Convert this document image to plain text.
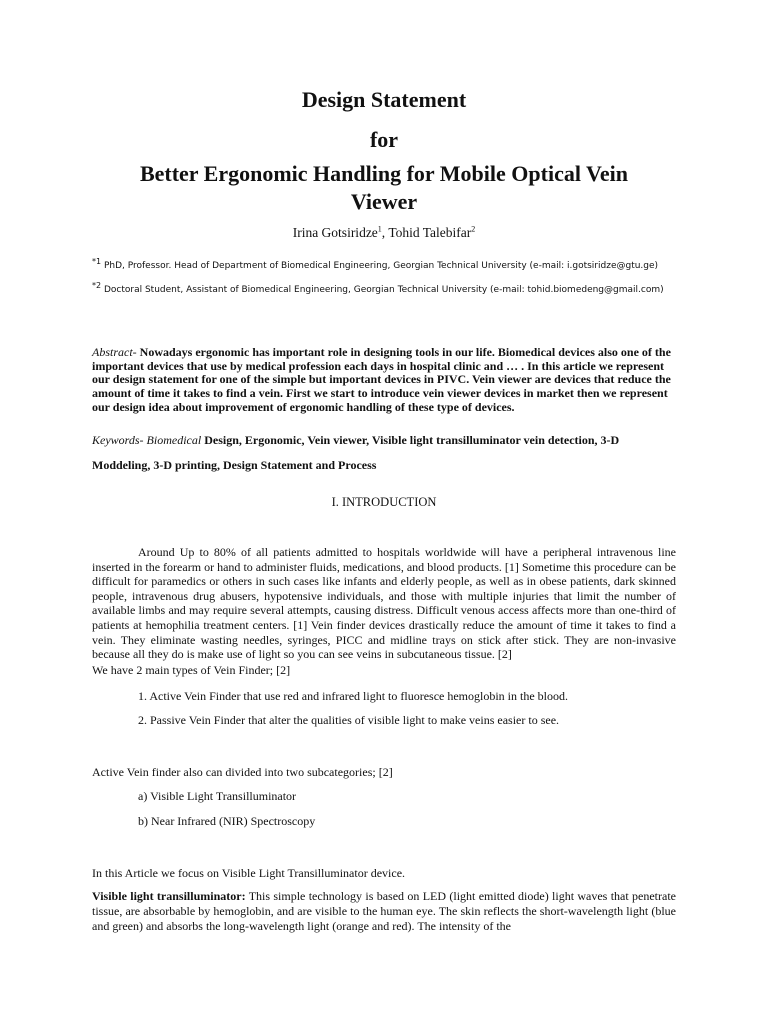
Design Statement
for
Better Ergonomic Handling for Mobile Optical Vein Viewer
Irina Gotsiridze$^1$, Tohid Talebifar$^2$
$^{*1}$ PhD, Professor. Head of Department of Biomedical Engineering, Georgian Technical University (e-mail: i.gotsiridze@gtu.ge)
$^{*2}$ Doctoral Student, Assistant of Biomedical Engineering, Georgian Technical University (e-mail: tohid.biomedeng@gmail.com)

Abstract- Nowadays ergonomic has important role in designing tools in our life. Biomedical devices also one of the important devices that use by medical profession each days in hospital clinic and … . In this article we represent our design statement for one of the simple but important devices in PIVC. Vein viewer are devices that reduce the amount of time it takes to find a vein. First we start to introduce vein viewer devices in market then we represent our design idea about improvement of ergonomic handling of these type of devices.

Keywords- Biomedical Design, Ergonomic, Vein viewer, Visible light transilluminator vein detection, 3-D Moddeling, 3-D printing, Design Statement and Process

I. INTRODUCTION

Around Up to 80% of all patients admitted to hospitals worldwide will have a peripheral intravenous line inserted in the forearm or hand to administer fluids, medications, and blood products. [1] Sometime this procedure can be difficult for paramedics or others in such cases like infants and elderly people, as well as in obese patients, dark skinned people, intravenous drug abusers, hypotensive individuals, and those with multiple injuries that limit the number of available limbs and may require several attempts, causing distress. Difficult venous access affects more than one-third of patients at hemophilia treatment centers. [1] Vein finder devices drastically reduce the amount of time it takes to find a vein. They eliminate wasting needles, syringes, PICC and midline trays on stick after stick. They are non-invasive because all they do is make use of light so you can see veins in subcutaneous tissue. [2]

We have 2 main types of Vein Finder; [2]

1. Active Vein Finder that use red and infrared light to fluoresce hemoglobin in the blood.

2. Passive Vein Finder that alter the qualities of visible light to make veins easier to see.

Active Vein finder also can divided into two subcategories; [2]

a) Visible Light Transilluminator

b) Near Infrared (NIR) Spectroscopy

In this Article we focus on Visible Light Transilluminator device.

Visible light transilluminator: This simple technology is based on LED (light emitted diode) light waves that penetrate tissue, are absorbable by hemoglobin, and are visible to the human eye. The skin reflects the short-wavelength light (blue and green) and absorbs the long-wavelength light (orange and red). The intensity of the
